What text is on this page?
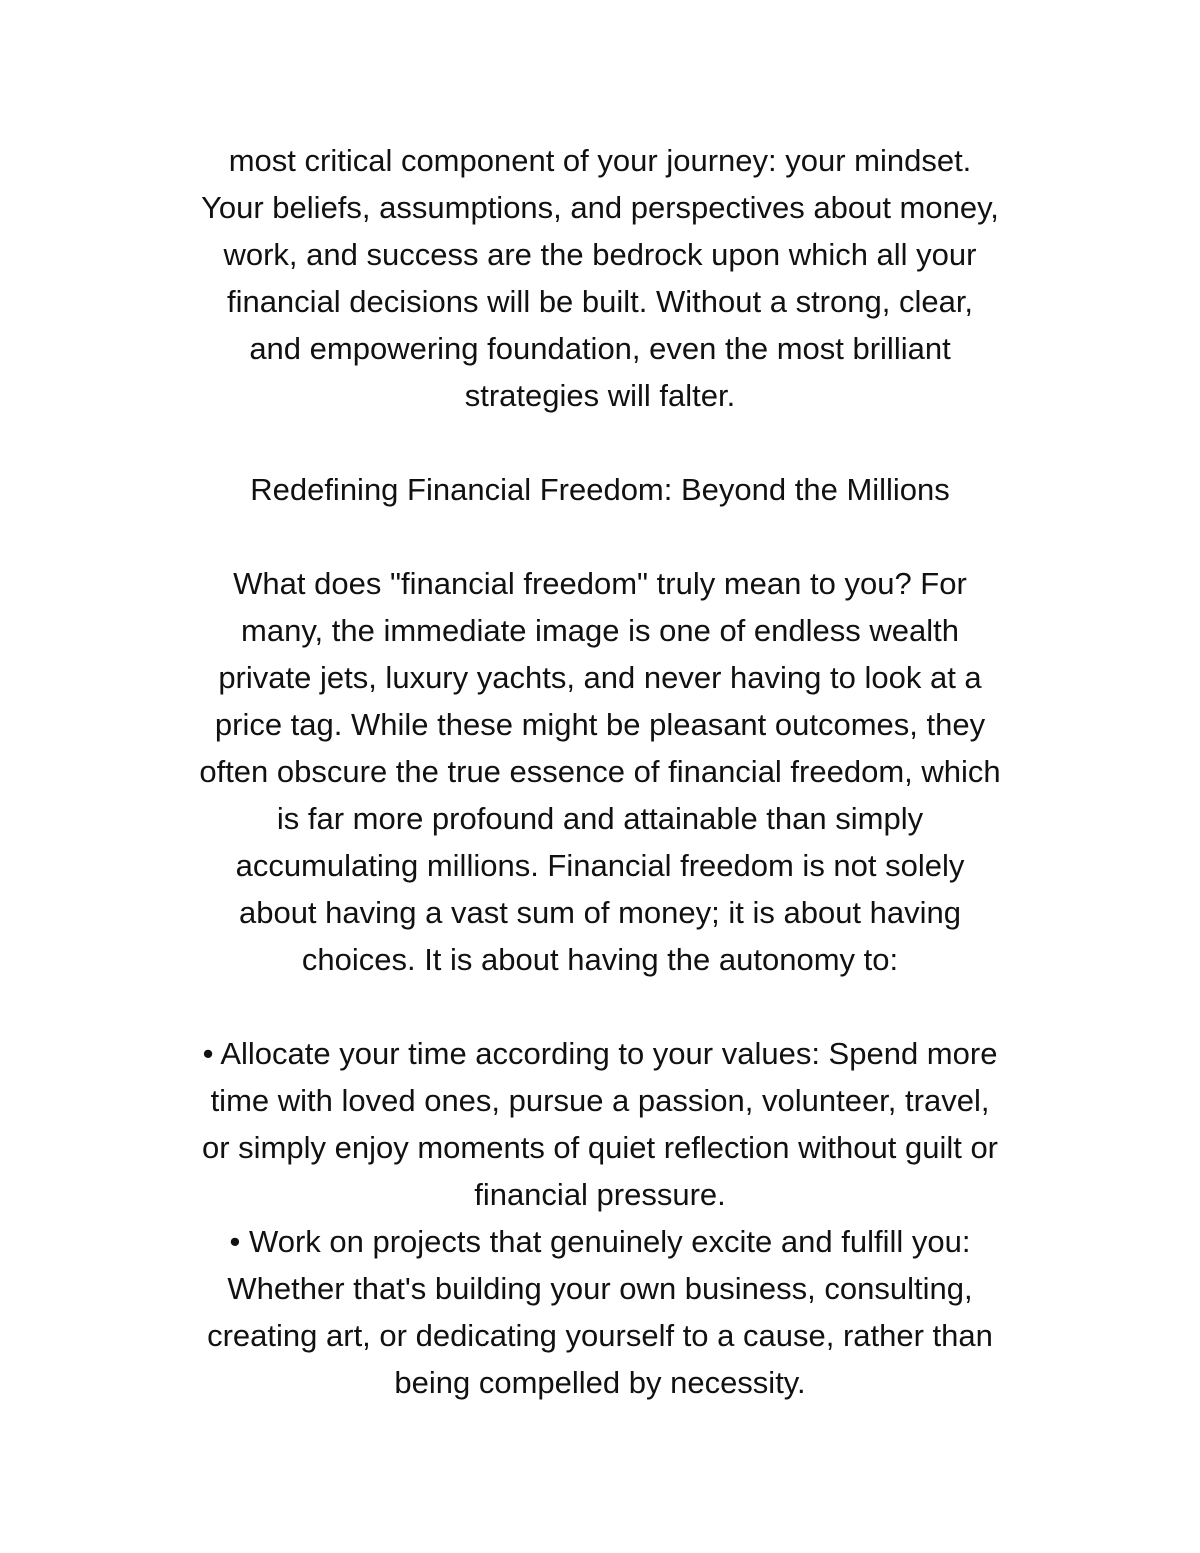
most critical component of your journey: your mindset.
Your beliefs, assumptions, and perspectives about money,
work, and success are the bedrock upon which all your
financial decisions will be built. Without a strong, clear,
and empowering foundation, even the most brilliant
strategies will falter.

Redefining Financial Freedom: Beyond the Millions

What does "financial freedom" truly mean to you? For
many, the immediate image is one of endless wealth
private jets, luxury yachts, and never having to look at a
price tag. While these might be pleasant outcomes, they
often obscure the true essence of financial freedom, which
is far more profound and attainable than simply
accumulating millions. Financial freedom is not solely
about having a vast sum of money; it is about having
choices. It is about having the autonomy to:

• Allocate your time according to your values: Spend more
time with loved ones, pursue a passion, volunteer, travel,
or simply enjoy moments of quiet reflection without guilt or
financial pressure.

• Work on projects that genuinely excite and fulfill you:
Whether that's building your own business, consulting,
creating art, or dedicating yourself to a cause, rather than
being compelled by necessity.
